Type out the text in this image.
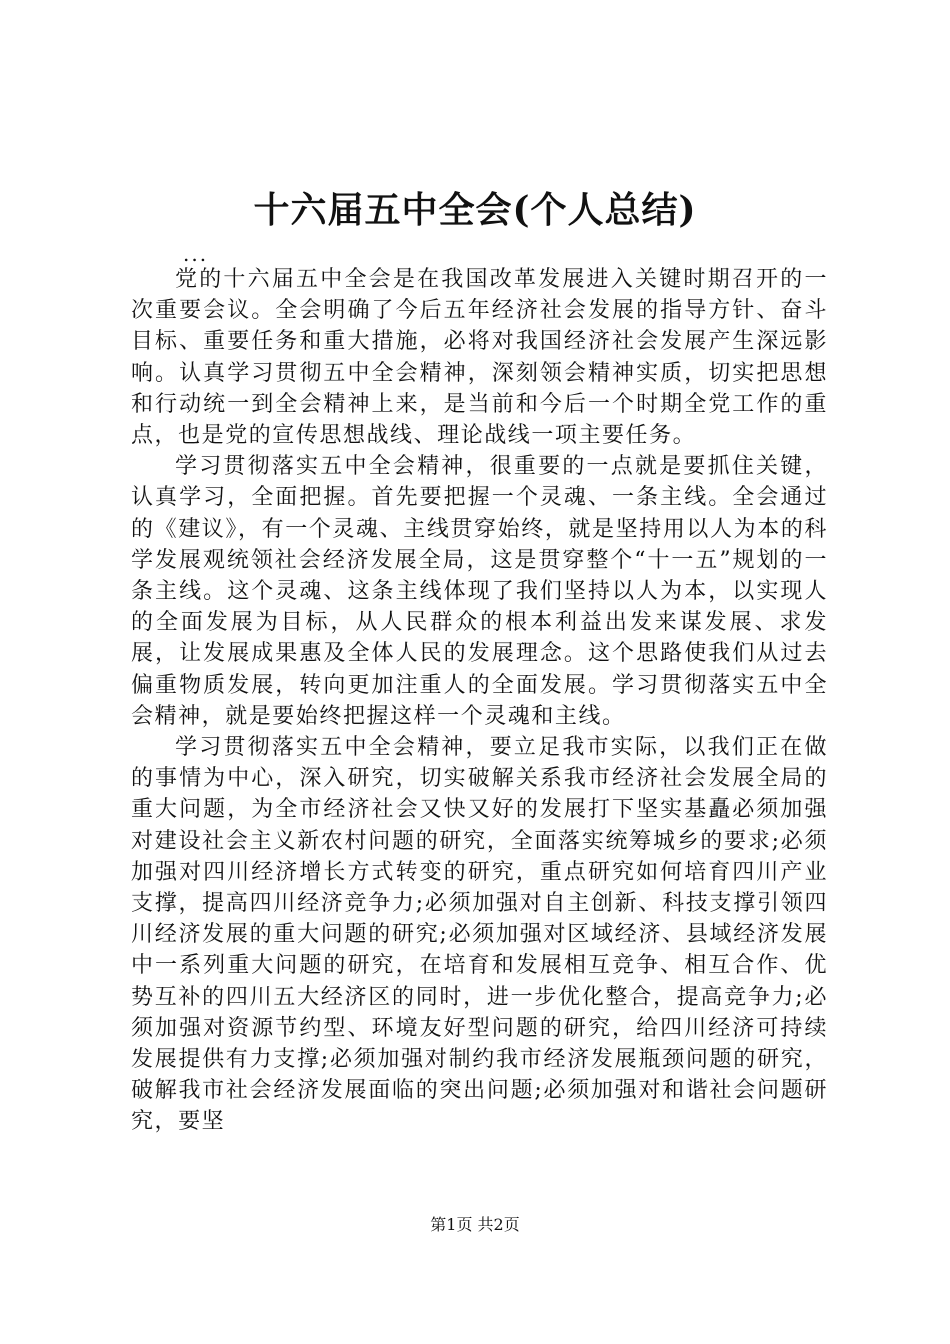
十六届五中全会(个人总结)
...

党的十六届五中全会是在我国改革发展进入关键时期召开的一次重要会议。全会明确了今后五年经济社会发展的指导方针、奋斗目标、重要任务和重大措施，必将对我国经济社会发展产生深远影响。认真学习贯彻五中全会精神，深刻领会精神实质，切实把思想和行动统一到全会精神上来，是当前和今后一个时期全党工作的重点，也是党的宣传思想战线、理论战线一项主要任务。

学习贯彻落实五中全会精神，很重要的一点就是要抓住关键，认真学习，全面把握。首先要把握一个灵魂、一条主线。全会通过的《建议》，有一个灵魂、主线贯穿始终，就是坚持用以人为本的科学发展观统领社会经济发展全局，这是贯穿整个“十一五”规划的一条主线。这个灵魂、这条主线体现了我们坚持以人为本，以实现人的全面发展为目标，从人民群众的根本利益出发来谋发展、求发展，让发展成果惠及全体人民的发展理念。这个思路使我们从过去偏重物质发展，转向更加注重人的全面发展。学习贯彻落实五中全会精神，就是要始终把握这样一个灵魂和主线。

学习贯彻落实五中全会精神，要立足我市实际，以我们正在做的事情为中心，深入研究，切实破解关系我市经济社会发展全局的重大问题，为全市经济社会又快又好的发展打下坚实基矗必须加强对建设社会主义新农村问题的研究，全面落实统筹城乡的要求;必须加强对四川经济增长方式转变的研究，重点研究如何培育四川产业支撑，提高四川经济竞争力;必须加强对自主创新、科技支撑引领四川经济发展的重大问题的研究;必须加强对区域经济、县域经济发展中一系列重大问题的研究，在培育和发展相互竞争、相互合作、优势互补的四川五大经济区的同时，进一步优化整合，提高竞争力;必须加强对资源节约型、环境友好型问题的研究，给四川经济可持续发展提供有力支撑;必须加强对制约我市经济发展瓶颈问题的研究，破解我市社会经济发展面临的突出问题;必须加强对和谐社会问题研究，要坚

第1页 共2页
